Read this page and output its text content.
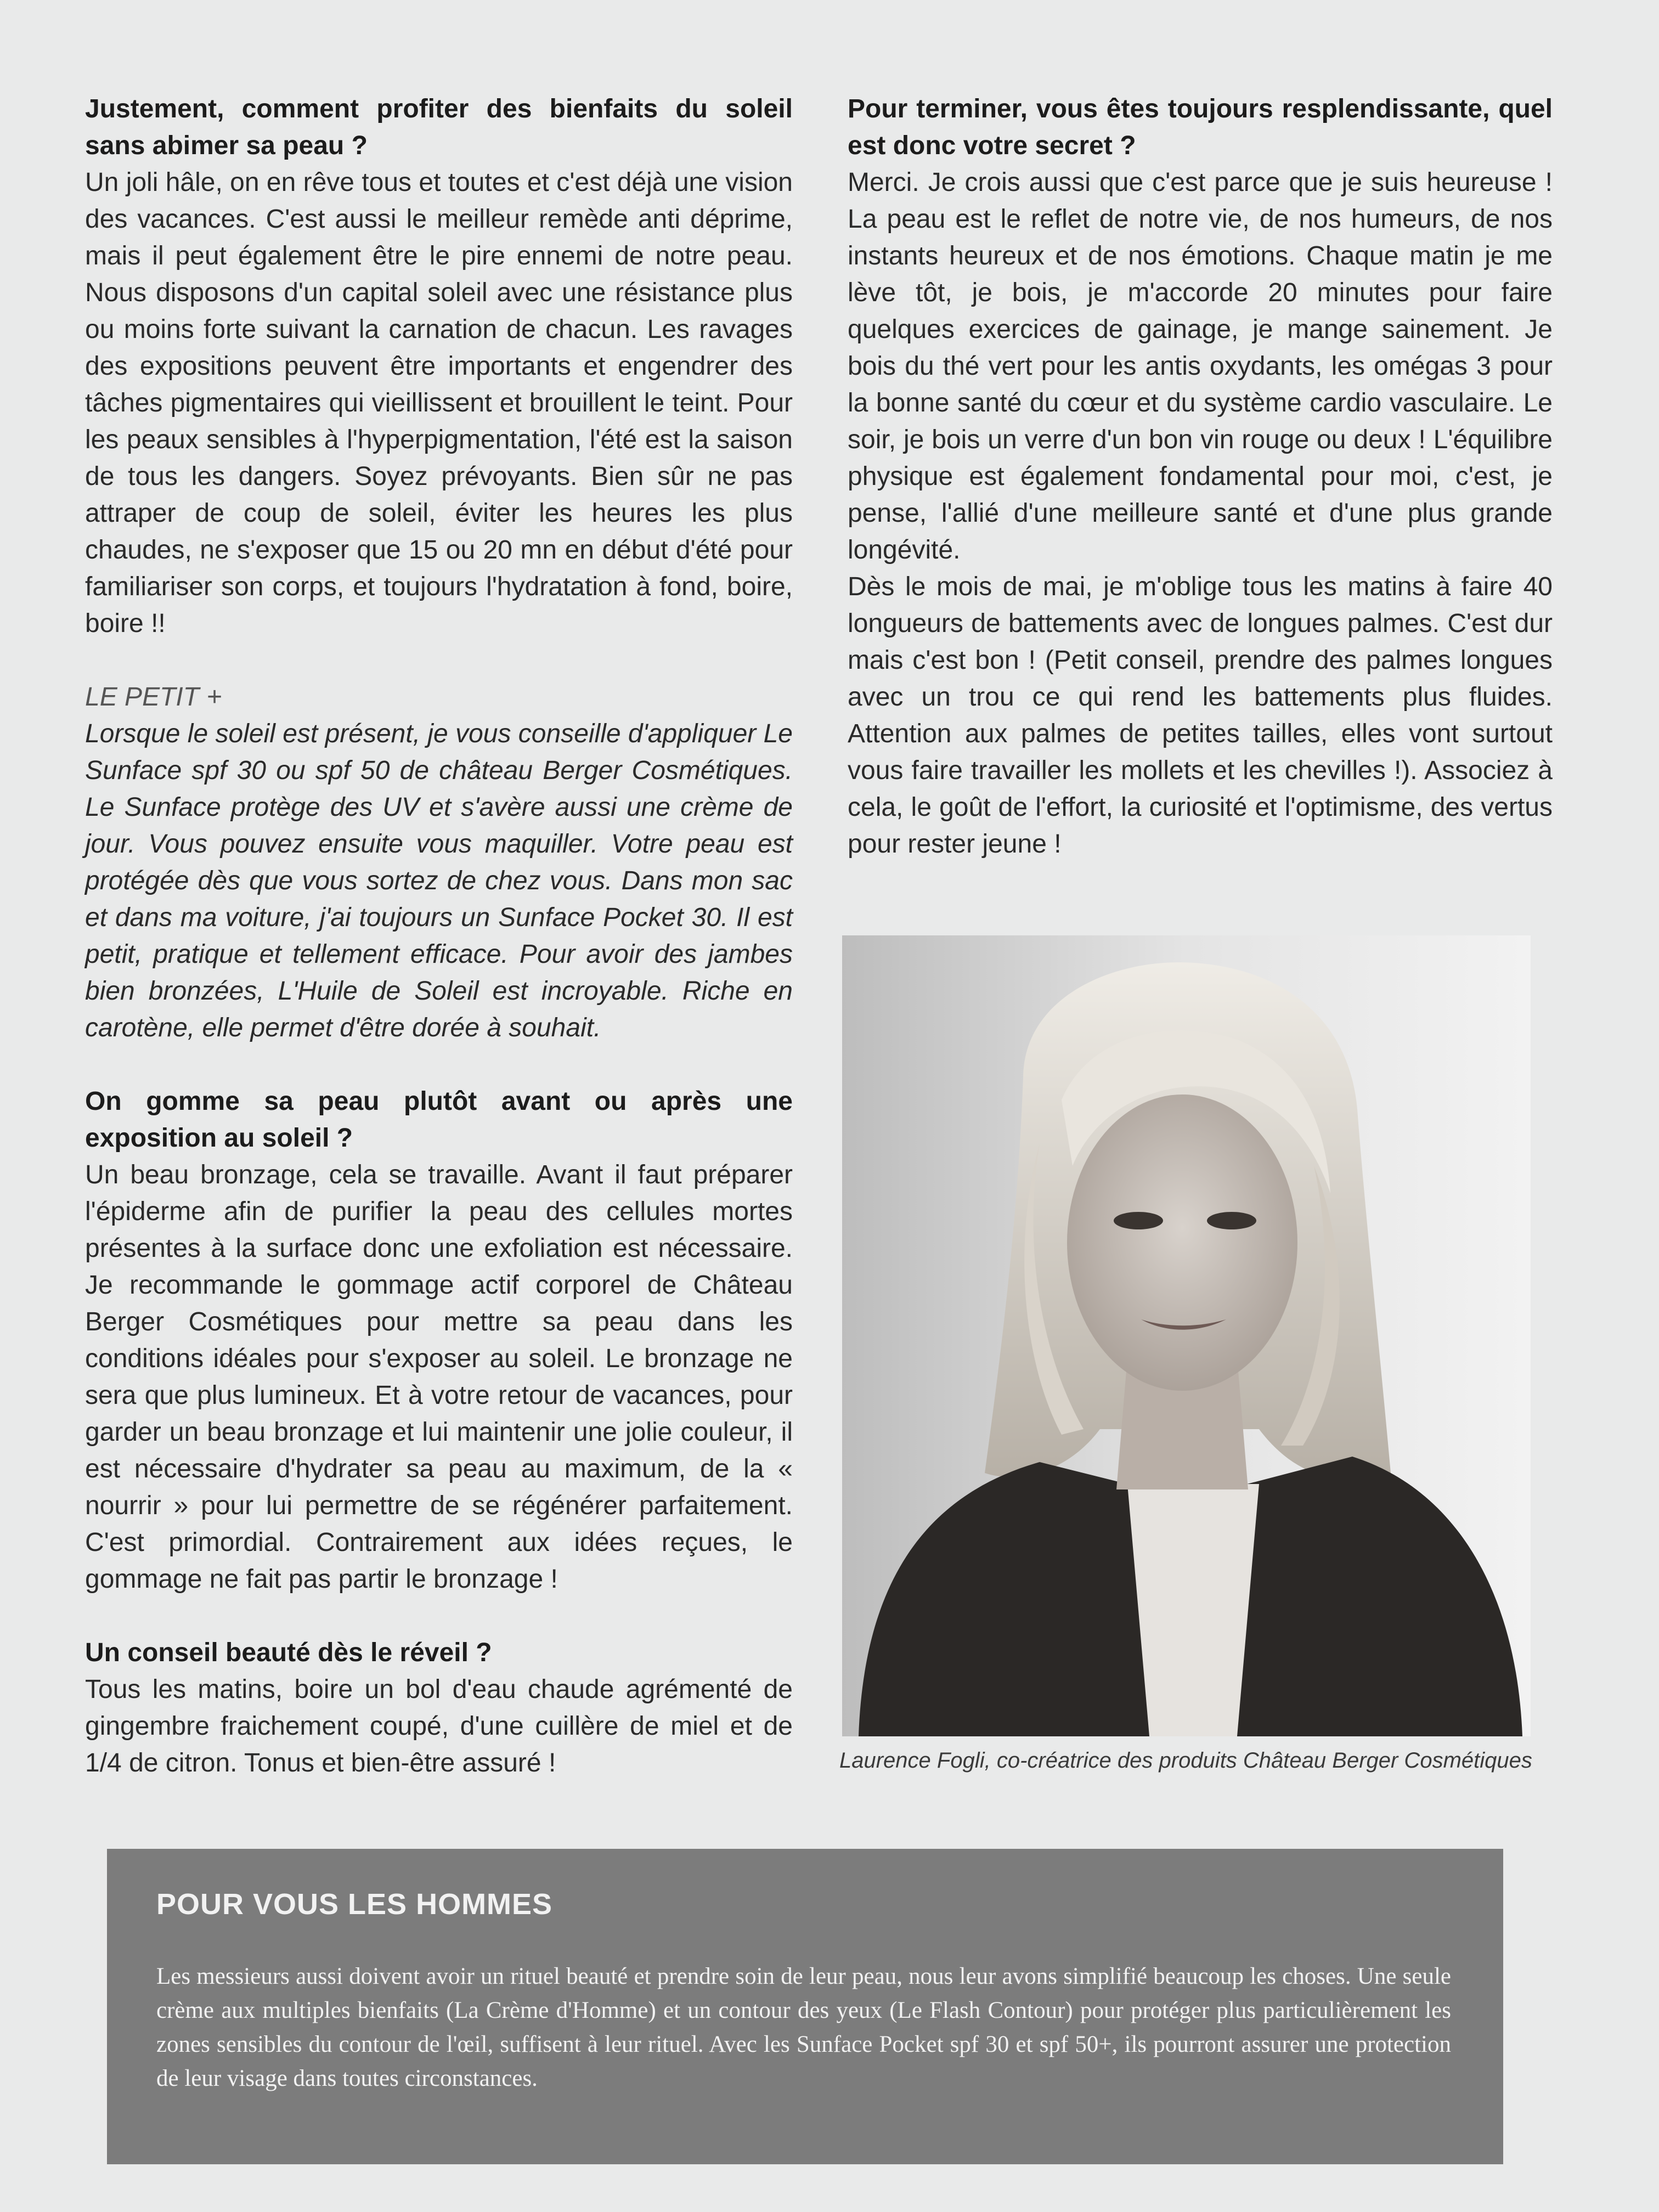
Justement, comment profiter des bienfaits du soleil sans abimer sa peau ?

Un joli hâle, on en rêve tous et toutes et c'est déjà une vision des vacances. C'est aussi le meilleur remède anti déprime, mais il peut également être le pire ennemi de notre peau. Nous disposons d'un capital soleil avec une résistance plus ou moins forte suivant la carnation de chacun. Les ravages des expositions peuvent être importants et engendrer des tâches pigmentaires qui vieillissent et brouillent le teint. Pour les peaux sensibles à l'hyperpigmentation, l'été est la saison de tous les dangers. Soyez prévoyants. Bien sûr ne pas attraper de coup de soleil, éviter les heures les plus chaudes, ne s'exposer que 15 ou 20 mn en début d'été pour familiariser son corps, et toujours l'hydratation à fond, boire, boire !!

LE PETIT +

Lorsque le soleil est présent, je vous conseille d'appliquer Le Sunface spf 30 ou spf 50 de château Berger Cosmétiques. Le Sunface protège des UV et s'avère aussi une crème de jour. Vous pouvez ensuite vous maquiller. Votre peau est protégée dès que vous sortez de chez vous. Dans mon sac et dans ma voiture, j'ai toujours un Sunface Pocket 30. Il est petit, pratique et tellement efficace. Pour avoir des jambes bien bronzées, L'Huile de Soleil est incroyable. Riche en carotène, elle permet d'être dorée à souhait.

On gomme sa peau plutôt avant ou après une exposition au soleil ?

Un beau bronzage, cela se travaille. Avant il faut préparer l'épiderme afin de purifier la peau des cellules mortes présentes à la surface donc une exfoliation est nécessaire. Je recommande le gommage actif corporel de Château Berger Cosmétiques pour mettre sa peau dans les conditions idéales pour s'exposer au soleil. Le bronzage ne sera que plus lumineux. Et à votre retour de vacances, pour garder un beau bronzage et lui maintenir une jolie couleur, il est nécessaire d'hydrater sa peau au maximum, de la « nourrir » pour lui permettre de se régénérer parfaitement. C'est primordial. Contrairement aux idées reçues, le gommage ne fait pas partir le bronzage !

Un conseil beauté dès le réveil ?

Tous les matins, boire un bol d'eau chaude agrémenté de gingembre fraichement coupé, d'une cuillère de miel et de 1/4 de citron. Tonus et bien-être assuré !

Pour terminer, vous êtes toujours resplendissante, quel est donc votre secret ?

Merci. Je crois aussi que c'est parce que je suis heureuse ! La peau est le reflet de notre vie, de nos humeurs, de nos instants heureux et de nos émotions. Chaque matin je me lève tôt, je bois, je m'accorde 20 minutes pour faire quelques exercices de gainage, je mange sainement. Je bois du thé vert pour les antis oxydants, les omégas 3 pour la bonne santé du cœur et du système cardio vasculaire. Le soir, je bois un verre d'un bon vin rouge ou deux ! L'équilibre physique est également fondamental pour moi, c'est, je pense, l'allié d'une meilleure santé et d'une plus grande longévité.

Dès le mois de mai, je m'oblige tous les matins à faire 40 longueurs de battements avec de longues palmes. C'est dur mais c'est bon ! (Petit conseil, prendre des palmes longues avec un trou ce qui rend les battements plus fluides. Attention aux palmes de petites tailles, elles vont surtout vous faire travailler les mollets et les chevilles !). Associez à cela, le goût de l'effort, la curiosité et l'optimisme, des vertus pour rester jeune !

Laurence Fogli, co-créatrice des produits Château Berger Cosmétiques

POUR VOUS LES HOMMES

Les messieurs aussi doivent avoir un rituel beauté et prendre soin de leur peau, nous leur avons simplifié beaucoup les choses. Une seule crème aux multiples bienfaits (La Crème d'Homme) et un contour des yeux (Le Flash Contour) pour protéger plus particulièrement les zones sensibles du contour de l'œil, suffisent à leur rituel. Avec les Sunface Pocket spf 30 et spf 50+, ils pourront assurer une protection de leur visage dans toutes circonstances.
